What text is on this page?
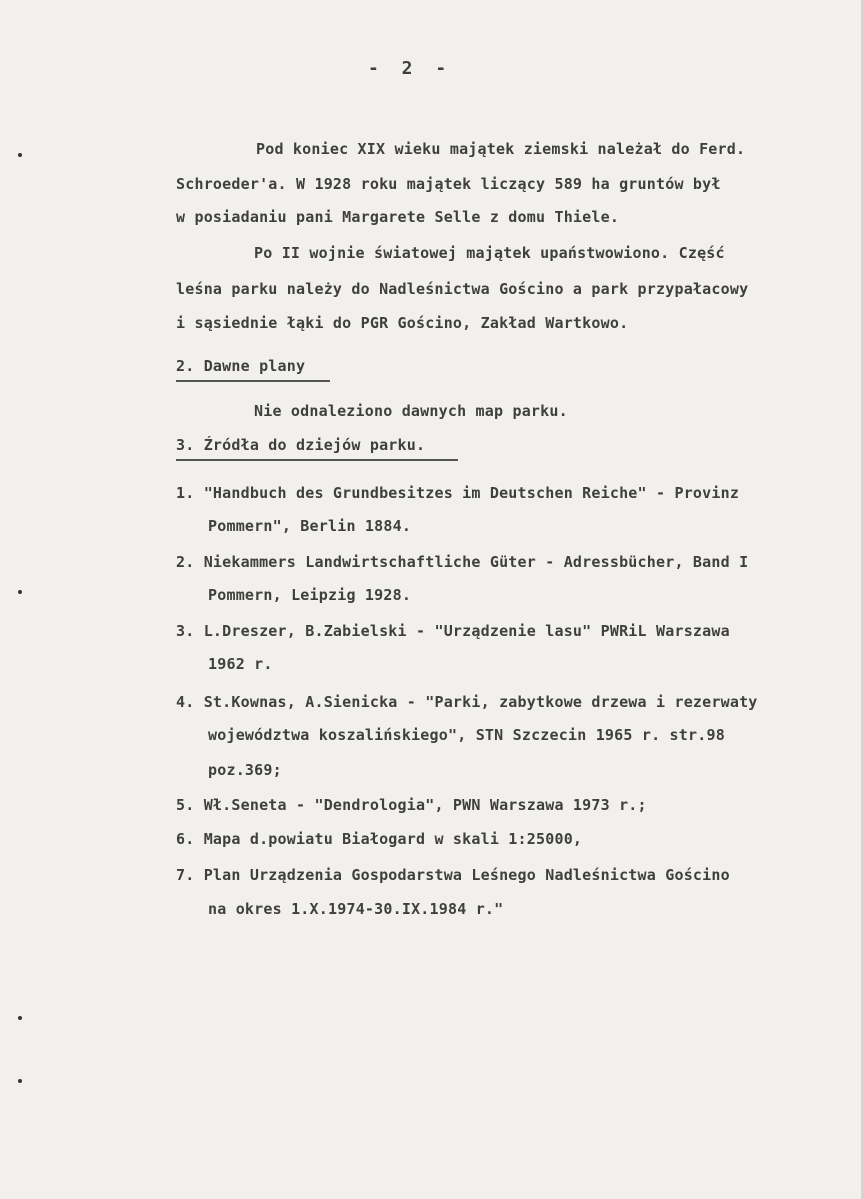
- 2 -
Pod koniec XIX wieku majątek ziemski należał do Ferd.
Schroeder'a. W 1928 roku majątek liczący 589 ha gruntów był
w posiadaniu pani Margarete Selle z domu Thiele.
Po II wojnie światowej majątek upaństwowiono. Część
leśna parku należy do Nadleśnictwa Gościno a park przypałacowy
i sąsiednie łąki do PGR Gościno, Zakład Wartkowo.
2. Dawne plany
Nie odnaleziono dawnych map parku.
3. Źródła do dziejów parku.
1. "Handbuch des Grundbesitzes im Deutschen Reiche" - Provinz
Pommern", Berlin 1884.
2. Niekammers Landwirtschaftliche Güter - Adressbücher, Band I
Pommern, Leipzig 1928.
3. L.Dreszer, B.Zabielski - "Urządzenie lasu" PWRiL Warszawa
1962 r.
4. St.Kownas, A.Sienicka - "Parki, zabytkowe drzewa i rezerwaty
województwa koszalińskiego", STN Szczecin 1965 r. str.98
poz.369;
5. Wł.Seneta - "Dendrologia", PWN Warszawa 1973 r.;
6. Mapa d.powiatu Białogard w skali 1:25000,
7. Plan Urządzenia Gospodarstwa Leśnego Nadleśnictwa Gościno
na okres 1.X.1974-30.IX.1984 r."
